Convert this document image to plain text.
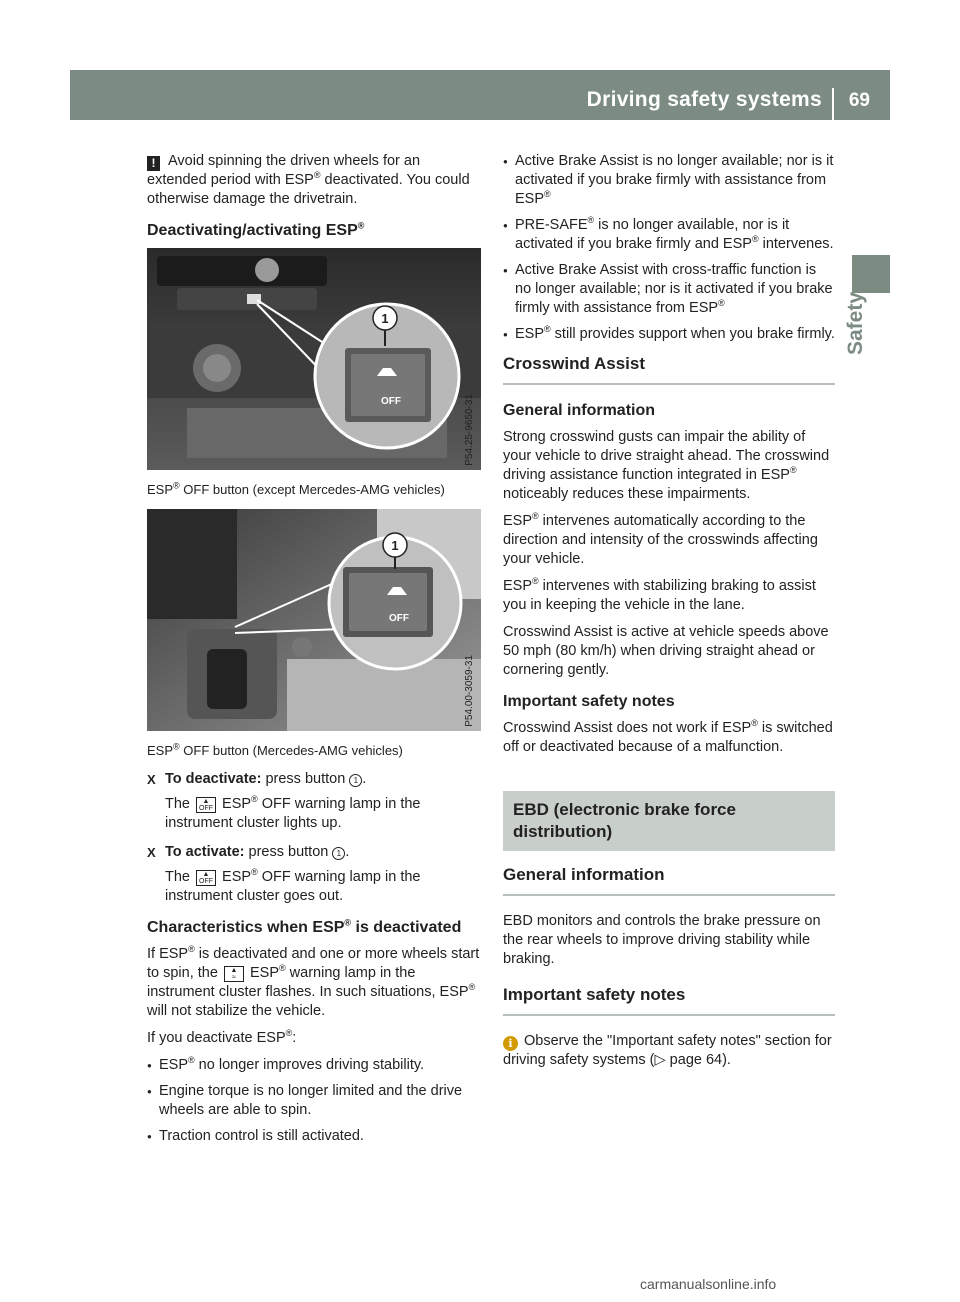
Driving safety systems 69
Safety

! Avoid spinning the driven wheels for an extended period with ESP® deactivated. You could otherwise damage the drivetrain.

Deactivating/activating ESP®
1
OFF	P54.25-9650-31
ESP® OFF button (except Mercedes-AMG vehicles)
1
OFF
P54.00-3059-31
ESP® OFF button (Mercedes-AMG vehicles)
X To deactivate: press button 1 .
The ▲
OFF ESP® OFF warning lamp in the instrument cluster lights up.
X To activate: press button 1 .
The ▲
OFF ESP® OFF warning lamp in the instrument cluster goes out.
Characteristics when ESP® is deactivated

If ESP® is deactivated and one or more wheels start to spin, the ▲
≈ ESP® warning lamp in the instrument cluster flashes. In such situations, ESP® will not stabilize the vehicle.

If you deactivate ESP®:

● ESP® no longer improves driving stability.
● Engine torque is no longer limited and the drive wheels are able to spin.
● Traction control is still activated.
● Active Brake Assist is no longer available; nor is it activated if you brake firmly with assistance from ESP®
● PRE-SAFE® is no longer available, nor is it activated if you brake firmly and ESP® intervenes.
● Active Brake Assist with cross-traffic function is no longer available; nor is it activated if you brake firmly with assistance from ESP®
● ESP® still provides support when you brake firmly.
Crosswind Assist
General information

Strong crosswind gusts can impair the ability of your vehicle to drive straight ahead. The crosswind driving assistance function integrated in ESP® noticeably reduces these impairments.

ESP® intervenes automatically according to the direction and intensity of the crosswinds affecting your vehicle.

ESP® intervenes with stabilizing braking to assist you in keeping the vehicle in the lane.

Crosswind Assist is active at vehicle speeds above 50 mph (80 km/h) when driving straight ahead or cornering gently.

Important safety notes

Crosswind Assist does not work if ESP® is switched off or deactivated because of a malfunction.

EBD (electronic brake force distribution)
General information

EBD monitors and controls the brake pressure on the rear wheels to improve driving stability while braking.

Important safety notes

i Observe the "Important safety notes" section for driving safety systems (▷ page 64).

carmanualsonline.info
